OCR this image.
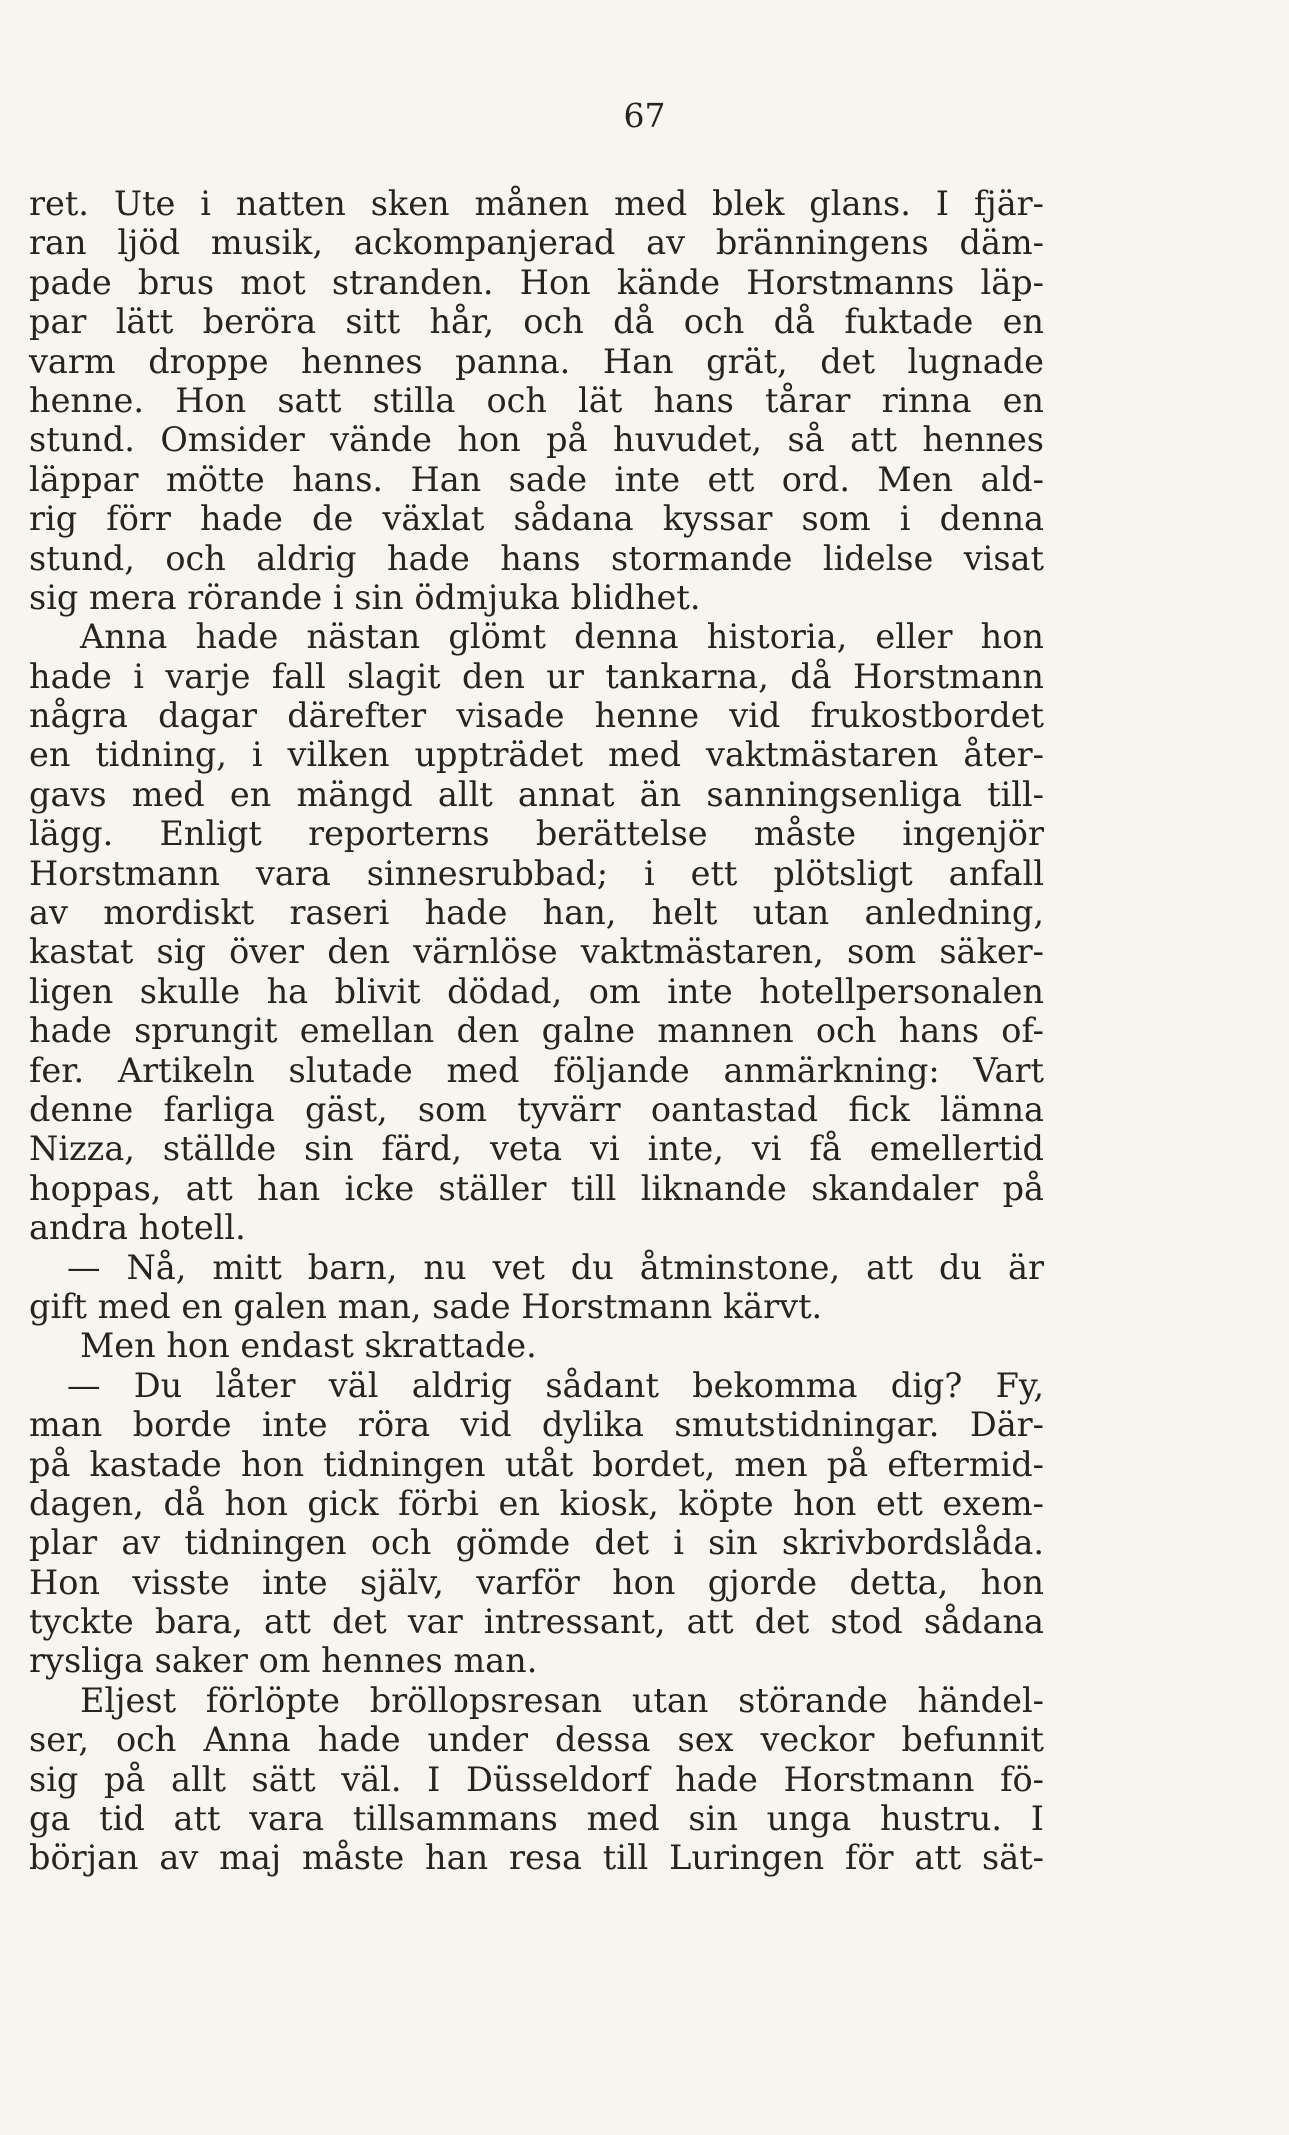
67
ret. Ute i natten sken månen med blek glans. I fjär-
ran ljöd musik, ackompanjerad av bränningens däm-
pade brus mot stranden. Hon kände Horstmanns läp-
par lätt beröra sitt hår, och då och då fuktade en
varm droppe hennes panna. Han grät, det lugnade
henne. Hon satt stilla och lät hans tårar rinna en
stund. Omsider vände hon på huvudet, så att hennes
läppar mötte hans. Han sade inte ett ord. Men ald-
rig förr hade de växlat sådana kyssar som i denna
stund, och aldrig hade hans stormande lidelse visat
sig mera rörande i sin ödmjuka blidhet.
Anna hade nästan glömt denna historia, eller hon
hade i varje fall slagit den ur tankarna, då Horstmann
några dagar därefter visade henne vid frukostbordet
en tidning, i vilken uppträdet med vaktmästaren åter-
gavs med en mängd allt annat än sanningsenliga till-
lägg. Enligt reporterns berättelse måste ingenjör
Horstmann vara sinnesrubbad; i ett plötsligt anfall
av mordiskt raseri hade han, helt utan anledning,
kastat sig över den värnlöse vaktmästaren, som säker-
ligen skulle ha blivit dödad, om inte hotellpersonalen
hade sprungit emellan den galne mannen och hans of-
fer. Artikeln slutade med följande anmärkning: Vart
denne farliga gäst, som tyvärr oantastad fick lämna
Nizza, ställde sin färd, veta vi inte, vi få emellertid
hoppas, att han icke ställer till liknande skandaler på
andra hotell.
— Nå, mitt barn, nu vet du åtminstone, att du är
gift med en galen man, sade Horstmann kärvt.
Men hon endast skrattade.
— Du låter väl aldrig sådant bekomma dig? Fy,
man borde inte röra vid dylika smutstidningar. Där-
på kastade hon tidningen utåt bordet, men på eftermid-
dagen, då hon gick förbi en kiosk, köpte hon ett exem-
plar av tidningen och gömde det i sin skrivbordslåda.
Hon visste inte själv, varför hon gjorde detta, hon
tyckte bara, att det var intressant, att det stod sådana
rysliga saker om hennes man.
Eljest förlöpte bröllopsresan utan störande händel-
ser, och Anna hade under dessa sex veckor befunnit
sig på allt sätt väl. I Düsseldorf hade Horstmann fö-
ga tid att vara tillsammans med sin unga hustru. I
början av maj måste han resa till Luringen för att sät-
